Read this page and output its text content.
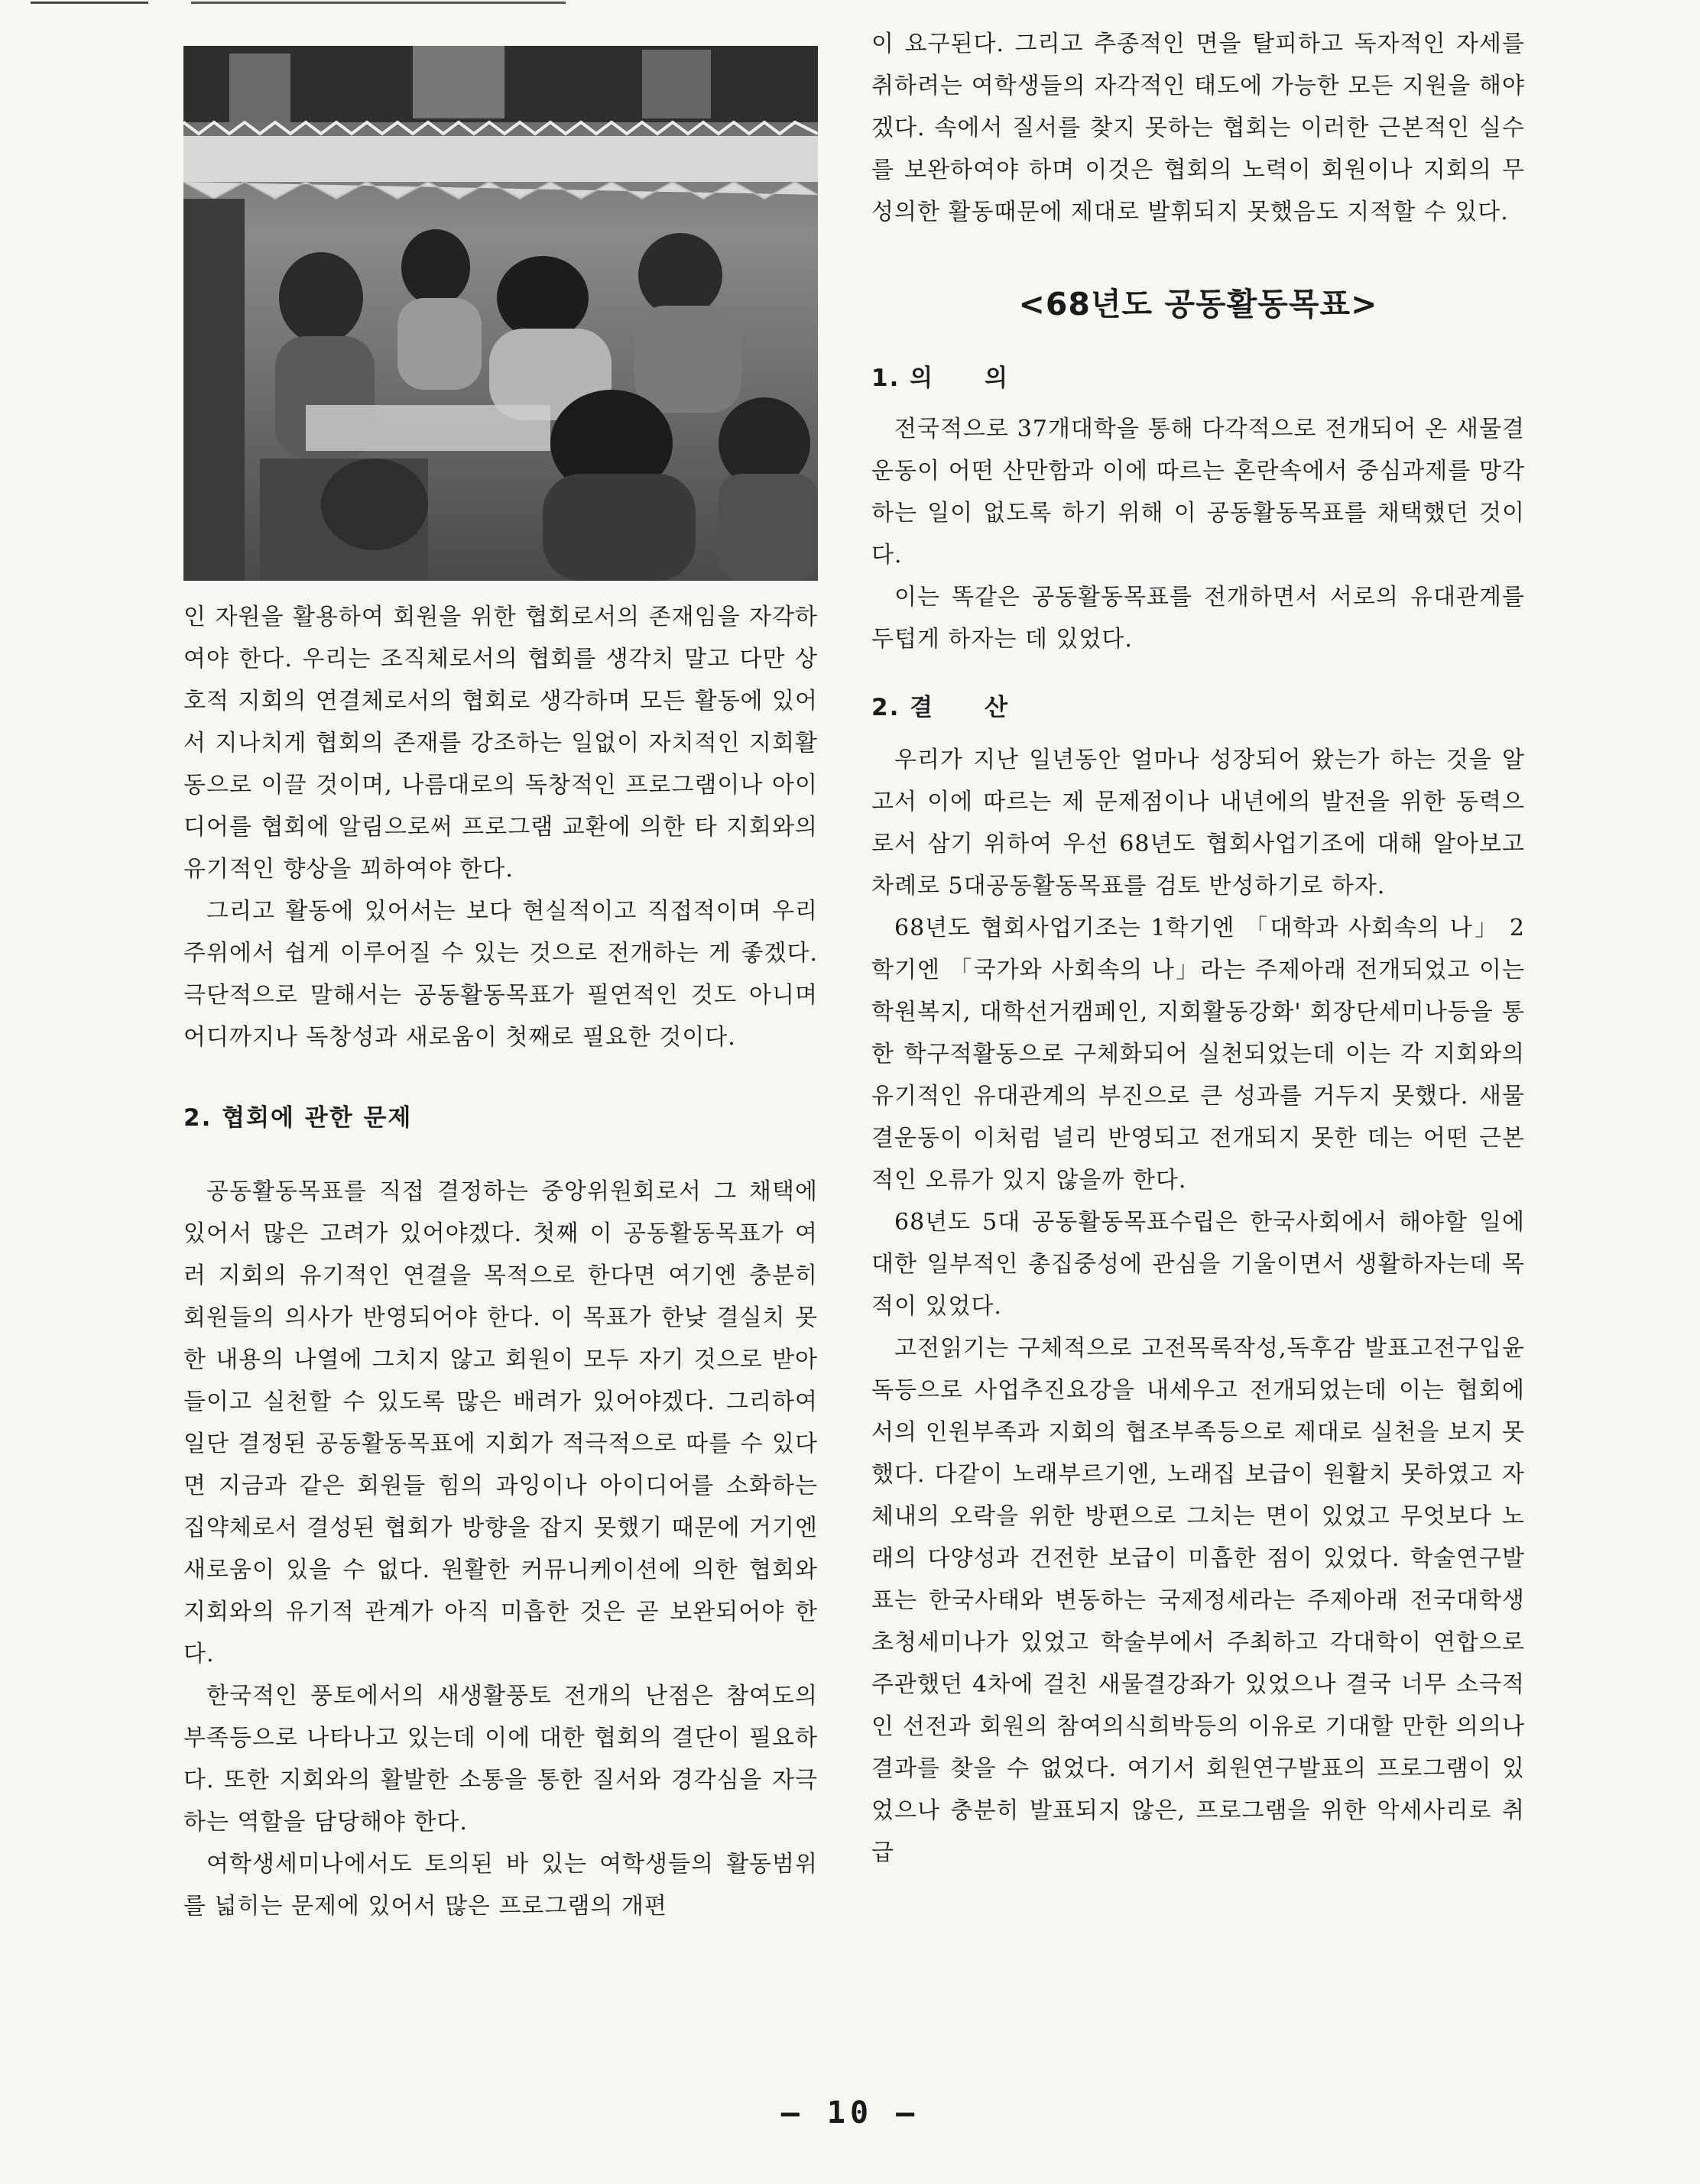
인 자원을 활용하여 회원을 위한 협회로서의 존재임을 자각하여야 한다. 우리는 조직체로서의 협회를 생각치 말고 다만 상호적 지회의 연결체로서의 협회로 생각하며 모든 활동에 있어서 지나치게 협회의 존재를 강조하는 일없이 자치적인 지회활동으로 이끌 것이며, 나름대로의 독창적인 프로그램이나 아이디어를 협회에 알림으로써 프로그램 교환에 의한 타 지회와의 유기적인 향상을 꾀하여야 한다.

그리고 활동에 있어서는 보다 현실적이고 직접적이며 우리 주위에서 쉽게 이루어질 수 있는 것으로 전개하는 게 좋겠다. 극단적으로 말해서는 공동활동목표가 필연적인 것도 아니며 어디까지나 독창성과 새로움이 첫째로 필요한 것이다.

2. 협회에 관한 문제

공동활동목표를 직접 결정하는 중앙위원회로서 그 채택에 있어서 많은 고려가 있어야겠다. 첫째 이 공동활동목표가 여러 지회의 유기적인 연결을 목적으로 한다면 여기엔 충분히 회원들의 의사가 반영되어야 한다. 이 목표가 한낮 결실치 못한 내용의 나열에 그치지 않고 회원이 모두 자기 것으로 받아들이고 실천할 수 있도록 많은 배려가 있어야겠다. 그리하여 일단 결정된 공동활동목표에 지회가 적극적으로 따를 수 있다면 지금과 같은 회원들 힘의 과잉이나 아이디어를 소화하는 집약체로서 결성된 협회가 방향을 잡지 못했기 때문에 거기엔 새로움이 있을 수 없다. 원활한 커뮤니케이션에 의한 협회와 지회와의 유기적 관계가 아직 미흡한 것은 곧 보완되어야 한다.

한국적인 풍토에서의 새생활풍토 전개의 난점은 참여도의 부족등으로 나타나고 있는데 이에 대한 협회의 결단이 필요하다. 또한 지회와의 활발한 소통을 통한 질서와 경각심을 자극하는 역할을 담당해야 한다.

여학생세미나에서도 토의된 바 있는 여학생들의 활동범위를 넓히는 문제에 있어서 많은 프로그램의 개편

이 요구된다. 그리고 추종적인 면을 탈피하고 독자적인 자세를 취하려는 여학생들의 자각적인 태도에 가능한 모든 지원을 해야겠다. 속에서 질서를 찾지 못하는 협회는 이러한 근본적인 실수를 보완하여야 하며 이것은 협회의 노력이 회원이나 지회의 무성의한 활동때문에 제대로 발휘되지 못했음도 지적할 수 있다.

<68년도 공동활동목표>
1. 의　　의

전국적으로 37개대학을 통해 다각적으로 전개되어 온 새물결운동이 어떤 산만함과 이에 따르는 혼란속에서 중심과제를 망각하는 일이 없도록 하기 위해 이 공동활동목표를 채택했던 것이다.

이는 똑같은 공동활동목표를 전개하면서 서로의 유대관계를 두텁게 하자는 데 있었다.

2. 결　　산

우리가 지난 일년동안 얼마나 성장되어 왔는가 하는 것을 알고서 이에 따르는 제 문제점이나 내년에의 발전을 위한 동력으로서 삼기 위하여 우선 68년도 협회사업기조에 대해 알아보고 차례로 5대공동활동목표를 검토 반성하기로 하자.

68년도 협회사업기조는 1학기엔 「대학과 사회속의 나」 2학기엔 「국가와 사회속의 나」라는 주제아래 전개되었고 이는 학원복지, 대학선거캠페인, 지회활동강화' 회장단세미나등을 통한 학구적활동으로 구체화되어 실천되었는데 이는 각 지회와의 유기적인 유대관계의 부진으로 큰 성과를 거두지 못했다. 새물결운동이 이처럼 널리 반영되고 전개되지 못한 데는 어떤 근본적인 오류가 있지 않을까 한다.

68년도 5대 공동활동목표수립은 한국사회에서 해야할 일에 대한 일부적인 총집중성에 관심을 기울이면서 생활하자는데 목적이 있었다.

고전읽기는 구체적으로 고전목록작성,독후감 발표고전구입윤독등으로 사업추진요강을 내세우고 전개되었는데 이는 협회에서의 인원부족과 지회의 협조부족등으로 제대로 실천을 보지 못했다. 다같이 노래부르기엔, 노래집 보급이 원활치 못하였고 자체내의 오락을 위한 방편으로 그치는 면이 있었고 무엇보다 노래의 다양성과 건전한 보급이 미흡한 점이 있었다. 학술연구발표는 한국사태와 변동하는 국제정세라는 주제아래 전국대학생초청세미나가 있었고 학술부에서 주최하고 각대학이 연합으로 주관했던 4차에 걸친 새물결강좌가 있었으나 결국 너무 소극적인 선전과 회원의 참여의식희박등의 이유로 기대할 만한 의의나 결과를 찾을 수 없었다. 여기서 회원연구발표의 프로그램이 있었으나 충분히 발표되지 않은, 프로그램을 위한 악세사리로 취급

— 10 —
